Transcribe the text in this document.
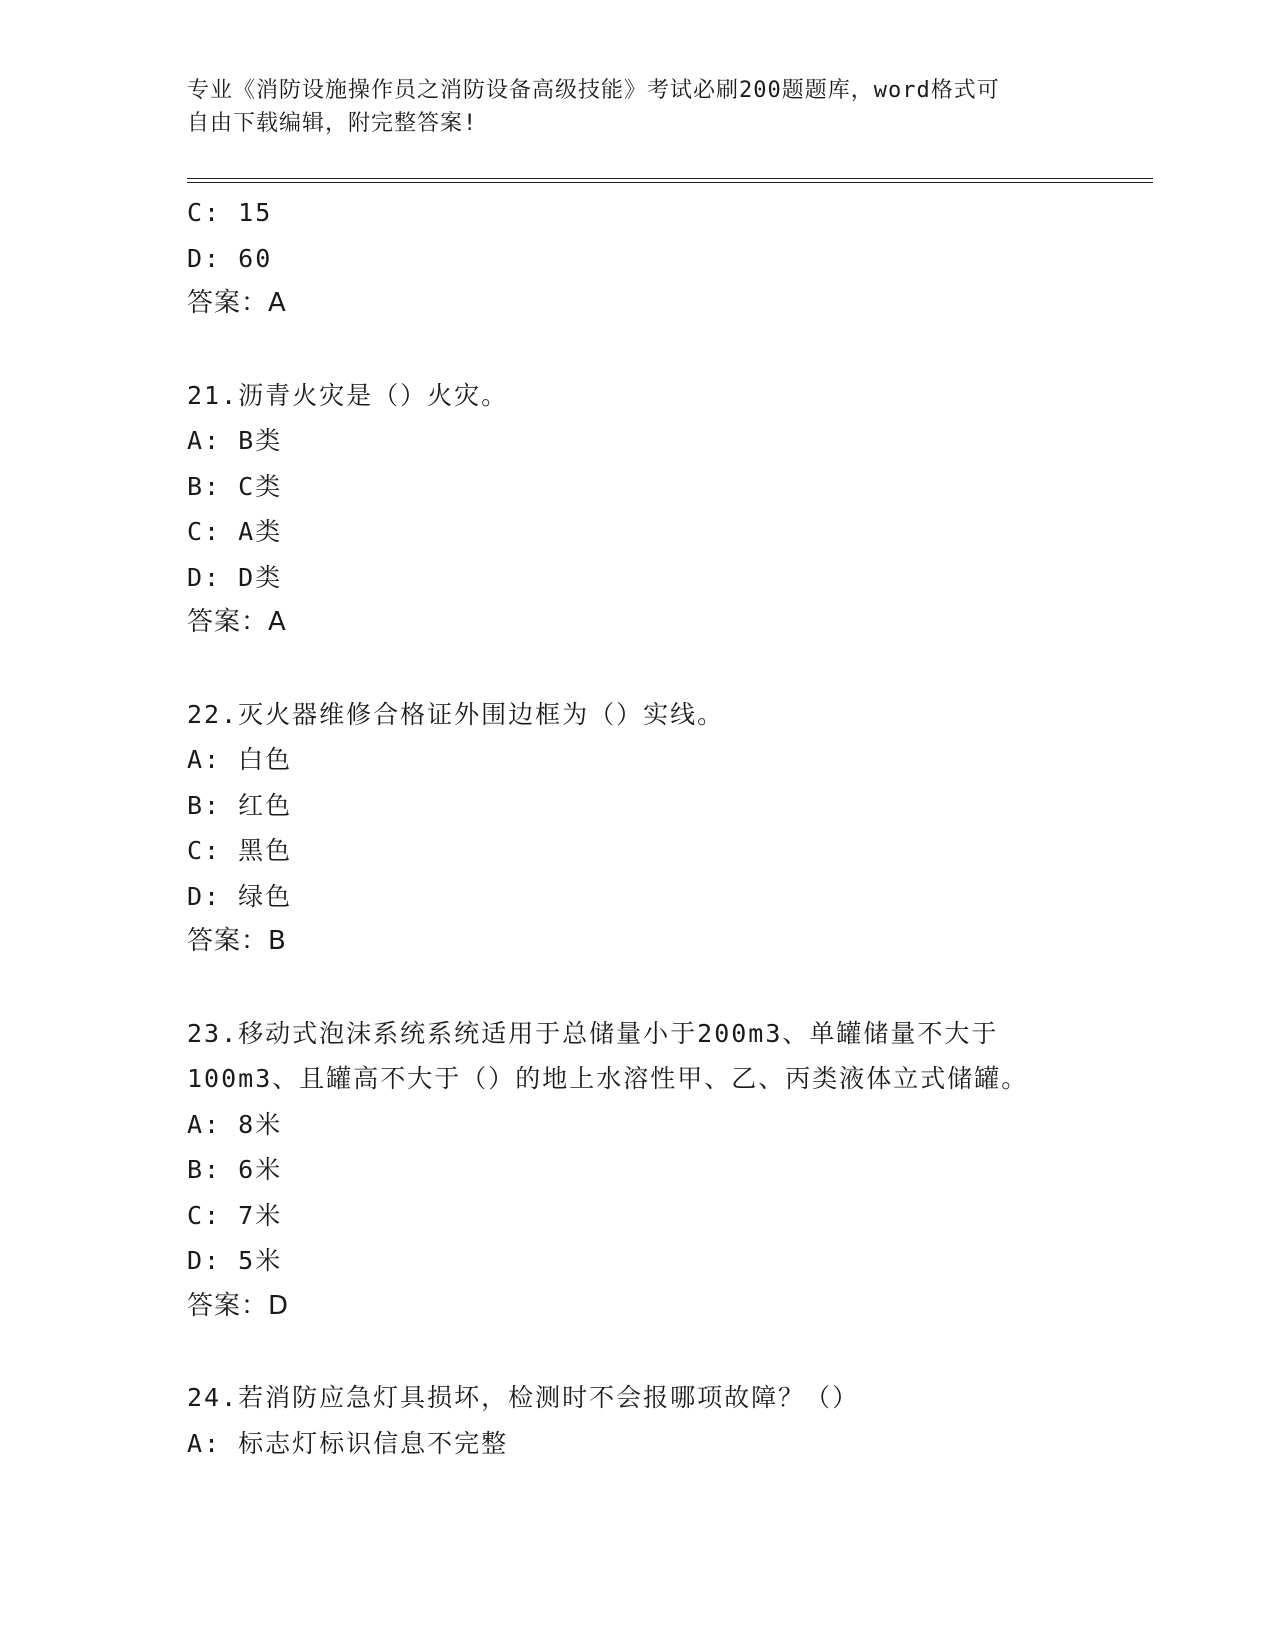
专业《消防设施操作员之消防设备高级技能》考试必刷200题题库，word格式可
自由下载编辑，附完整答案!
C: 15
D: 60
答案：A
21.沥青火灾是（）火灾。
A: B类
B: C类
C: A类
D: D类
答案：A
22.灭火器维修合格证外围边框为（）实线。
A: 白色
B: 红色
C: 黑色
D: 绿色
答案：B
23.移动式泡沫系统系统适用于总储量小于200m3、单罐储量不大于
100m3、且罐高不大于（）的地上水溶性甲、乙、丙类液体立式储罐。
A: 8米
B: 6米
C: 7米
D: 5米
答案：D
24.若消防应急灯具损坏，检测时不会报哪项故障？（）
A: 标志灯标识信息不完整
